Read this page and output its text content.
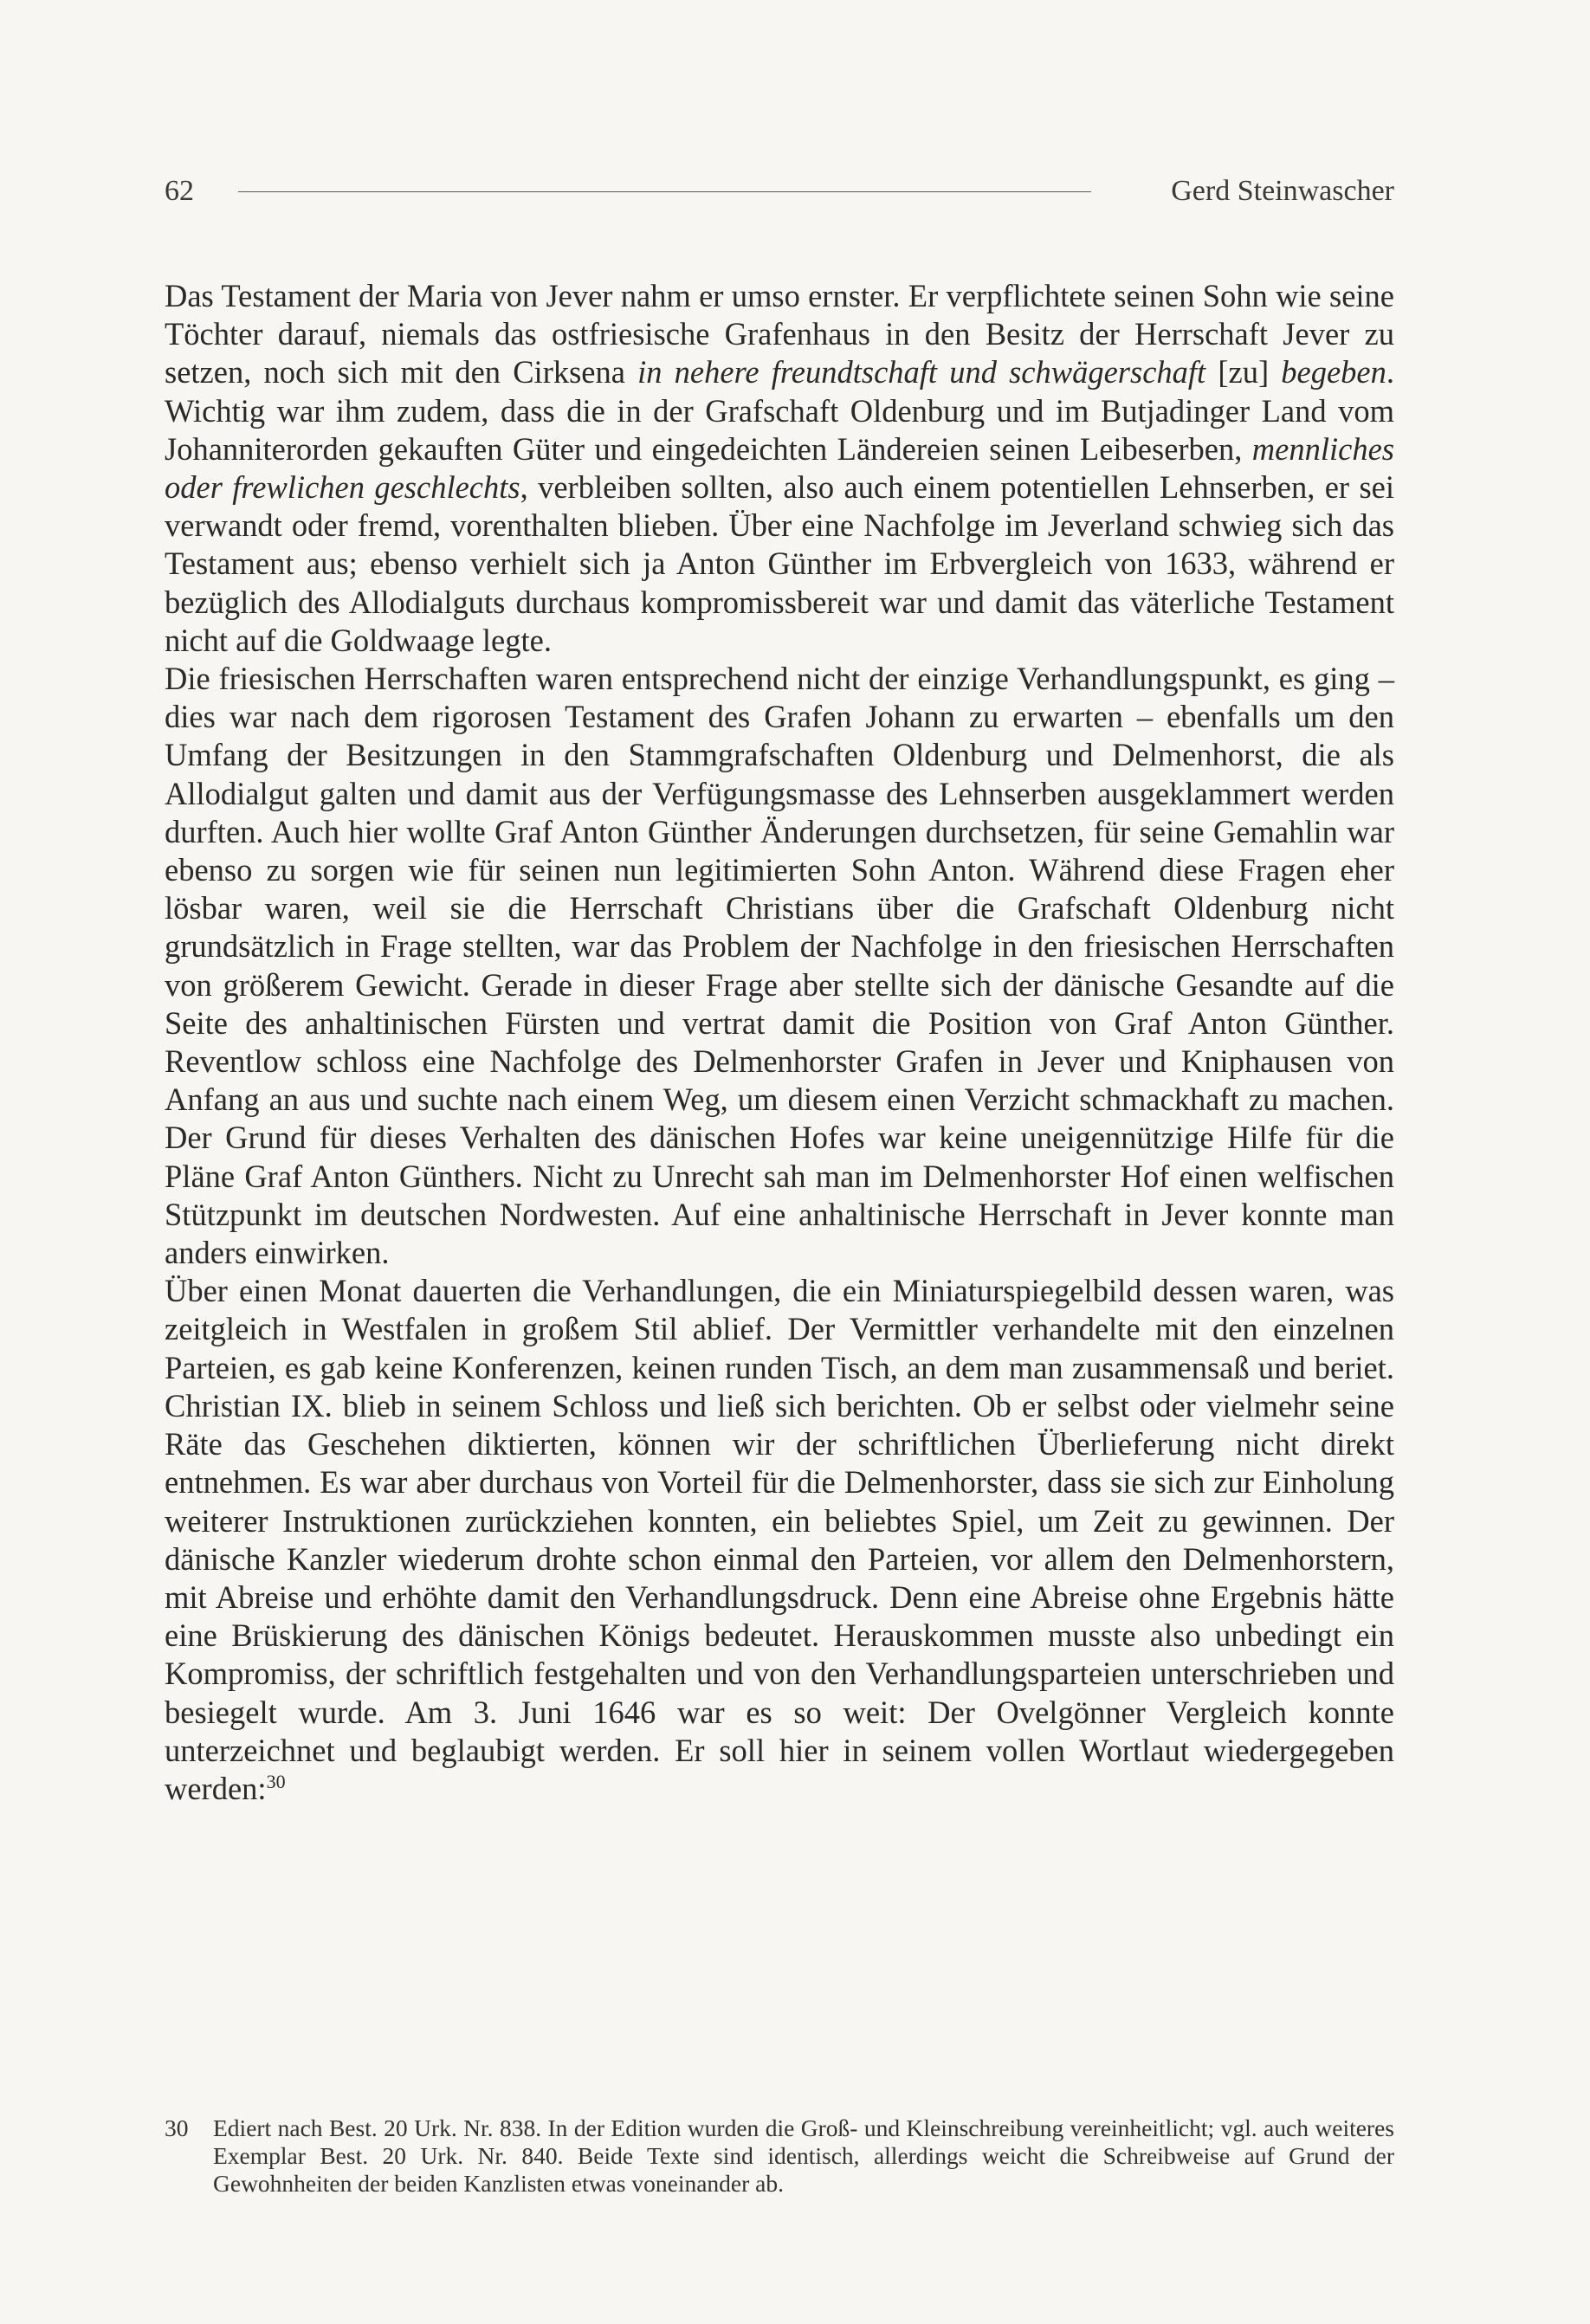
62	Gerd Steinwascher

Das Testament der Maria von Jever nahm er umso ernster. Er verpflichtete seinen Sohn wie seine Töchter darauf, niemals das ostfriesische Grafenhaus in den Besitz der Herrschaft Jever zu setzen, noch sich mit den Cirksena in nehere freundtschaft und schwägerschaft [zu] begeben. Wichtig war ihm zudem, dass die in der Grafschaft Oldenburg und im Butjadinger Land vom Johanniterorden gekauften Güter und eingedeichten Ländereien seinen Leibeserben, mennliches oder frewlichen geschlechts, verbleiben sollten, also auch einem potentiellen Lehnserben, er sei verwandt oder fremd, vorenthalten blieben. Über eine Nachfolge im Jeverland schwieg sich das Testament aus; ebenso verhielt sich ja Anton Günther im Erbvergleich von 1633, während er bezüglich des Allodialguts durchaus kompromissbereit war und damit das väterliche Testament nicht auf die Goldwaage legte.

Die friesischen Herrschaften waren entsprechend nicht der einzige Verhandlungspunkt, es ging – dies war nach dem rigorosen Testament des Grafen Johann zu erwarten – ebenfalls um den Umfang der Besitzungen in den Stammgrafschaften Oldenburg und Delmenhorst, die als Allodialgut galten und damit aus der Verfügungsmasse des Lehnserben ausgeklammert werden durften. Auch hier wollte Graf Anton Günther Änderungen durchsetzen, für seine Gemahlin war ebenso zu sorgen wie für seinen nun legitimierten Sohn Anton. Während diese Fragen eher lösbar waren, weil sie die Herrschaft Christians über die Grafschaft Oldenburg nicht grundsätzlich in Frage stellten, war das Problem der Nachfolge in den friesischen Herrschaften von größerem Gewicht. Gerade in dieser Frage aber stellte sich der dänische Gesandte auf die Seite des anhaltinischen Fürsten und vertrat damit die Position von Graf Anton Günther. Reventlow schloss eine Nachfolge des Delmenhorster Grafen in Jever und Kniphausen von Anfang an aus und suchte nach einem Weg, um diesem einen Verzicht schmackhaft zu machen. Der Grund für dieses Verhalten des dänischen Hofes war keine uneigennützige Hilfe für die Pläne Graf Anton Günthers. Nicht zu Unrecht sah man im Delmenhorster Hof einen welfischen Stützpunkt im deutschen Nordwesten. Auf eine anhaltinische Herrschaft in Jever konnte man anders einwirken.

Über einen Monat dauerten die Verhandlungen, die ein Miniaturspiegelbild dessen waren, was zeitgleich in Westfalen in großem Stil ablief. Der Vermittler verhandelte mit den einzelnen Parteien, es gab keine Konferenzen, keinen runden Tisch, an dem man zusammensaß und beriet. Christian IX. blieb in seinem Schloss und ließ sich berichten. Ob er selbst oder vielmehr seine Räte das Geschehen diktierten, können wir der schriftlichen Überlieferung nicht direkt entnehmen. Es war aber durchaus von Vorteil für die Delmenhorster, dass sie sich zur Einholung weiterer Instruktionen zurückziehen konnten, ein beliebtes Spiel, um Zeit zu gewinnen. Der dänische Kanzler wiederum drohte schon einmal den Parteien, vor allem den Delmenhorstern, mit Abreise und erhöhte damit den Verhandlungsdruck. Denn eine Abreise ohne Ergebnis hätte eine Brüskierung des dänischen Königs bedeutet. Herauskommen musste also unbedingt ein Kompromiss, der schriftlich festgehalten und von den Verhandlungsparteien unterschrieben und besiegelt wurde. Am 3. Juni 1646 war es so weit: Der Ovelgönner Vergleich konnte unterzeichnet und beglaubigt werden. Er soll hier in seinem vollen Wortlaut wiedergegeben werden:$^{30}$

30 Ediert nach Best. 20 Urk. Nr. 838. In der Edition wurden die Groß- und Kleinschreibung vereinheitlicht; vgl. auch weiteres Exemplar Best. 20 Urk. Nr. 840. Beide Texte sind identisch, allerdings weicht die Schreibweise auf Grund der Gewohnheiten der beiden Kanzlisten etwas voneinander ab.
